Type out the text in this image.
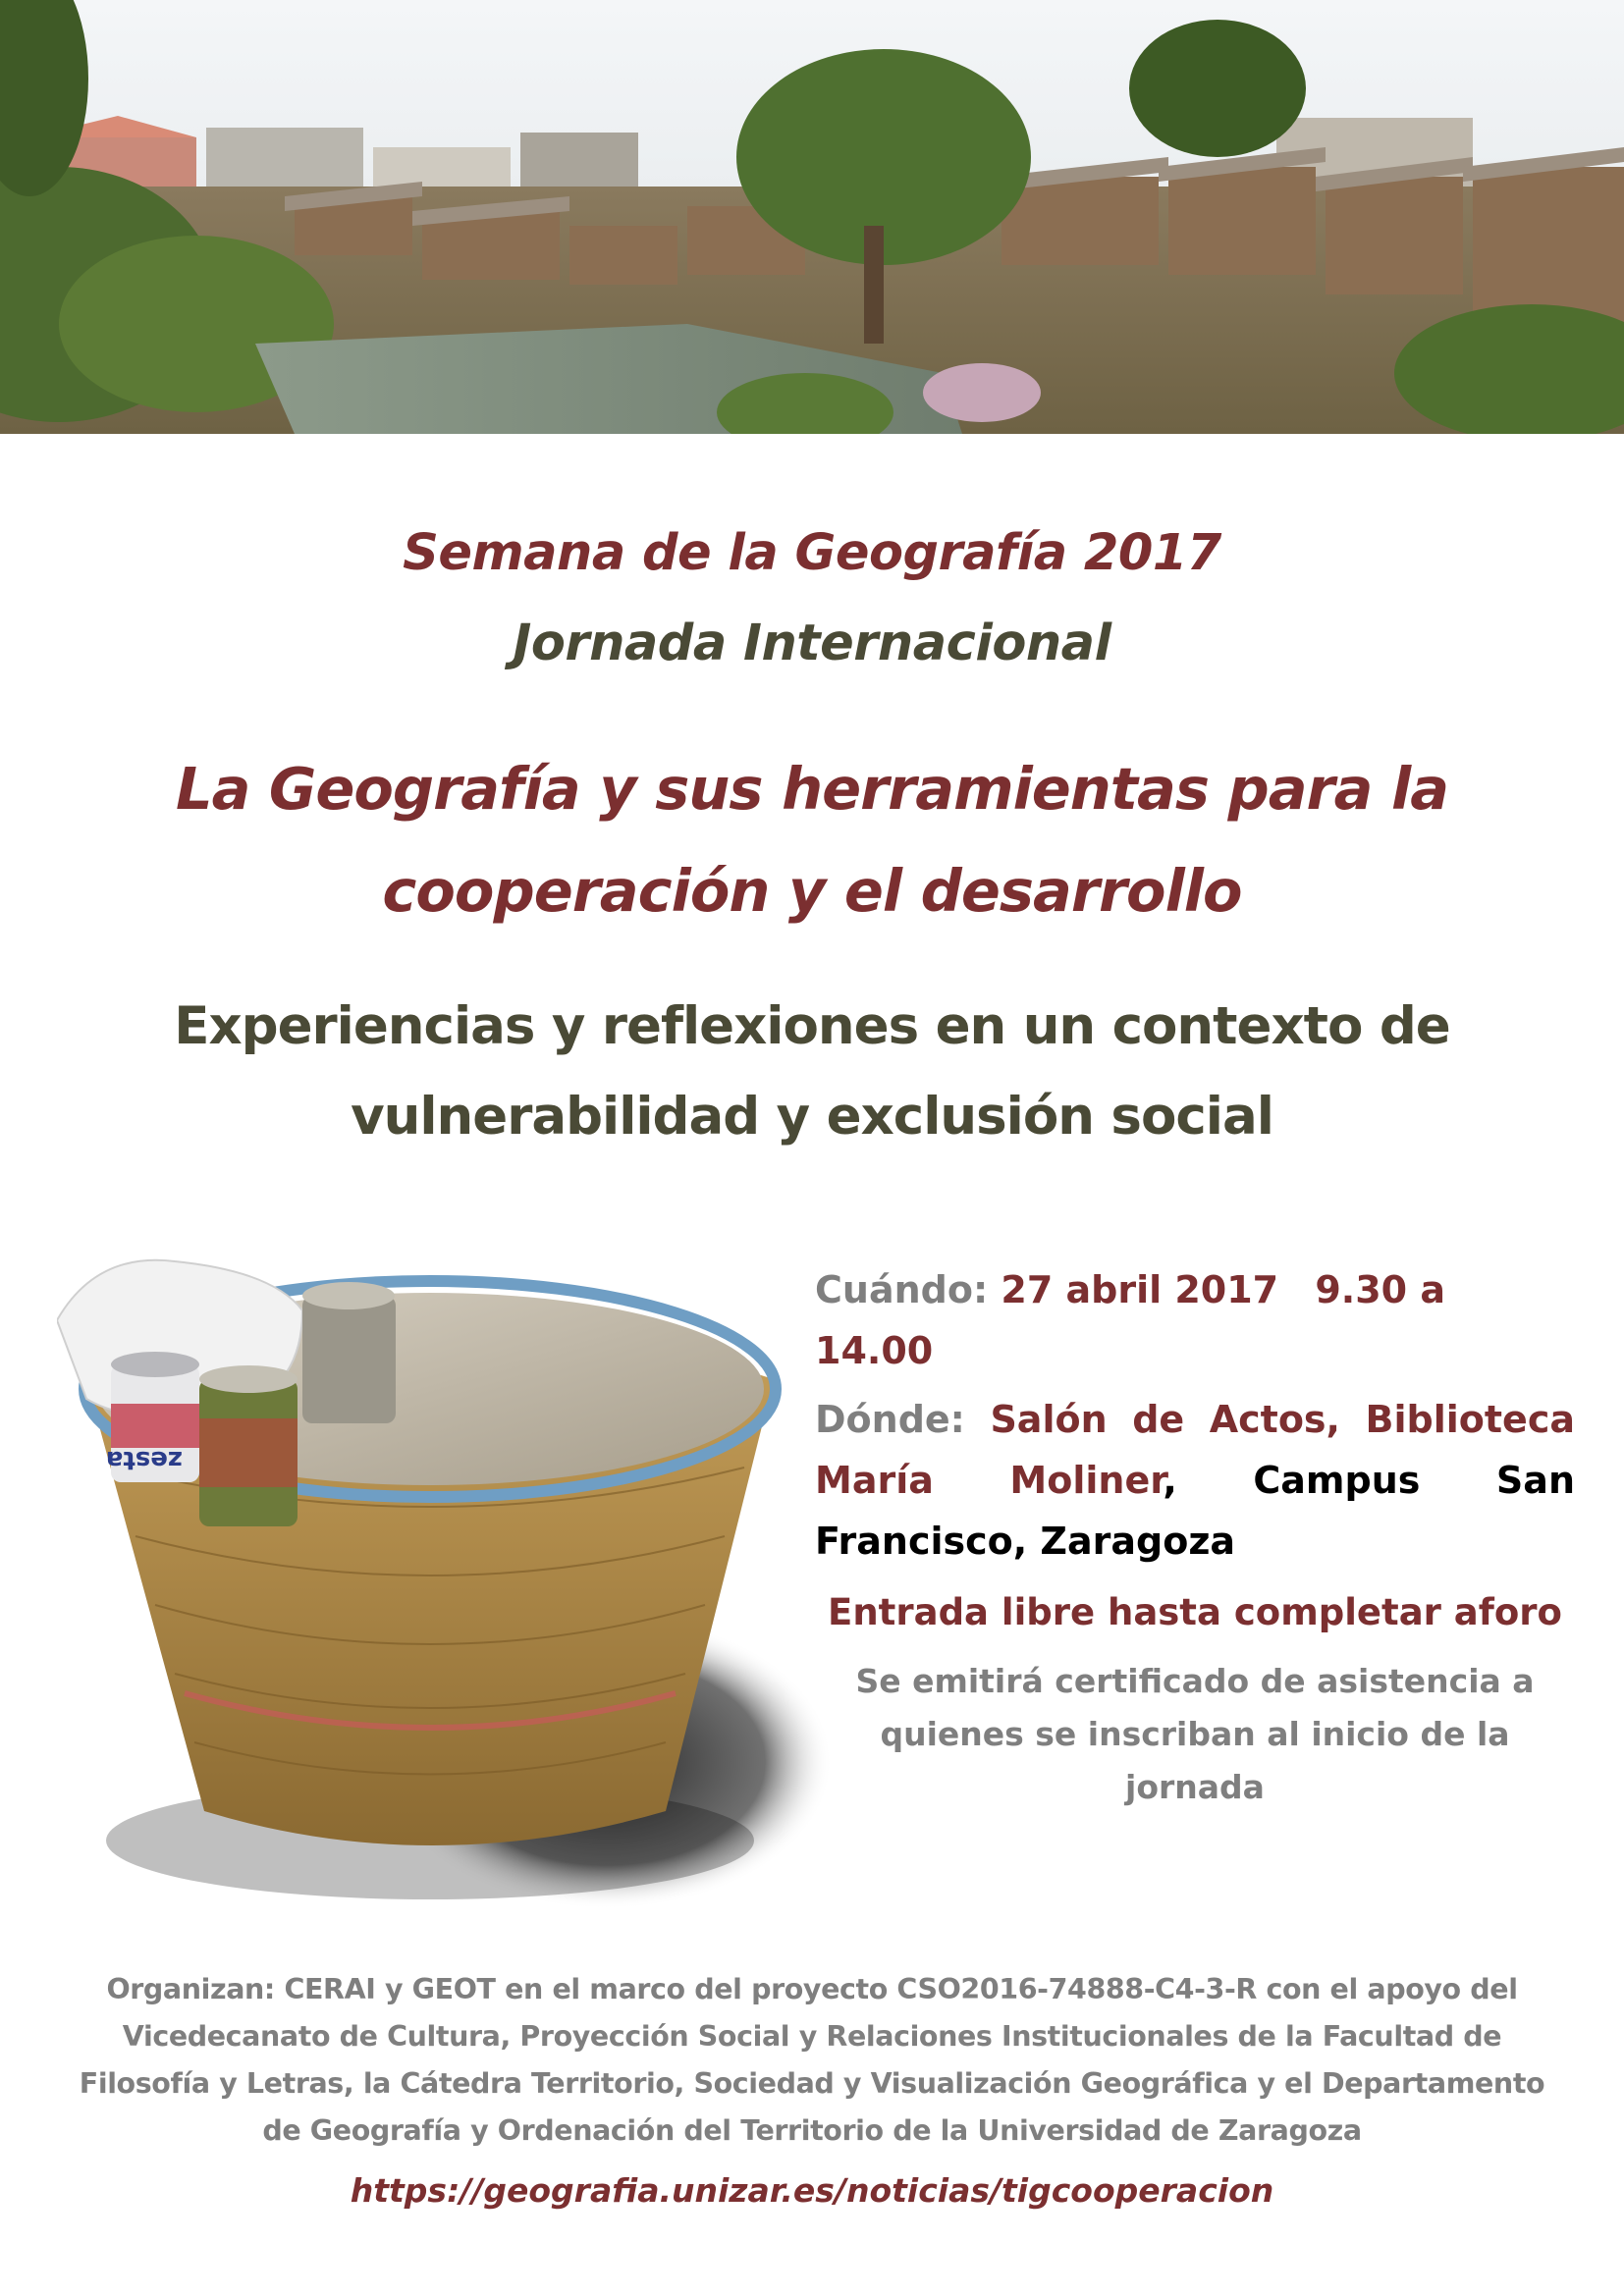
Semana de la Geografía 2017
Jornada Internacional
La Geografía y sus herramientas para la
cooperación y el desarrollo
Experiencias y reflexiones en un contexto de
vulnerabilidad y exclusión social
zesta
Cuándo: 27 abril 2017 9.30 a 14.00
Dónde: Salón de Actos, Biblioteca María Moliner, Campus San Francisco, Zaragoza
Entrada libre hasta completar aforo
Se emitirá certificado de asistencia a quienes se inscriban al inicio de la jornada
Organizan: CERAI y GEOT en el marco del proyecto CSO2016-74888-C4-3-R con el apoyo del
Vicedecanato de Cultura, Proyección Social y Relaciones Institucionales de la Facultad de
Filosofía y Letras, la Cátedra Territorio, Sociedad y Visualización Geográfica y el Departamento
de Geografía y Ordenación del Territorio de la Universidad de Zaragoza
https://geografia.unizar.es/noticias/tigcooperacion
